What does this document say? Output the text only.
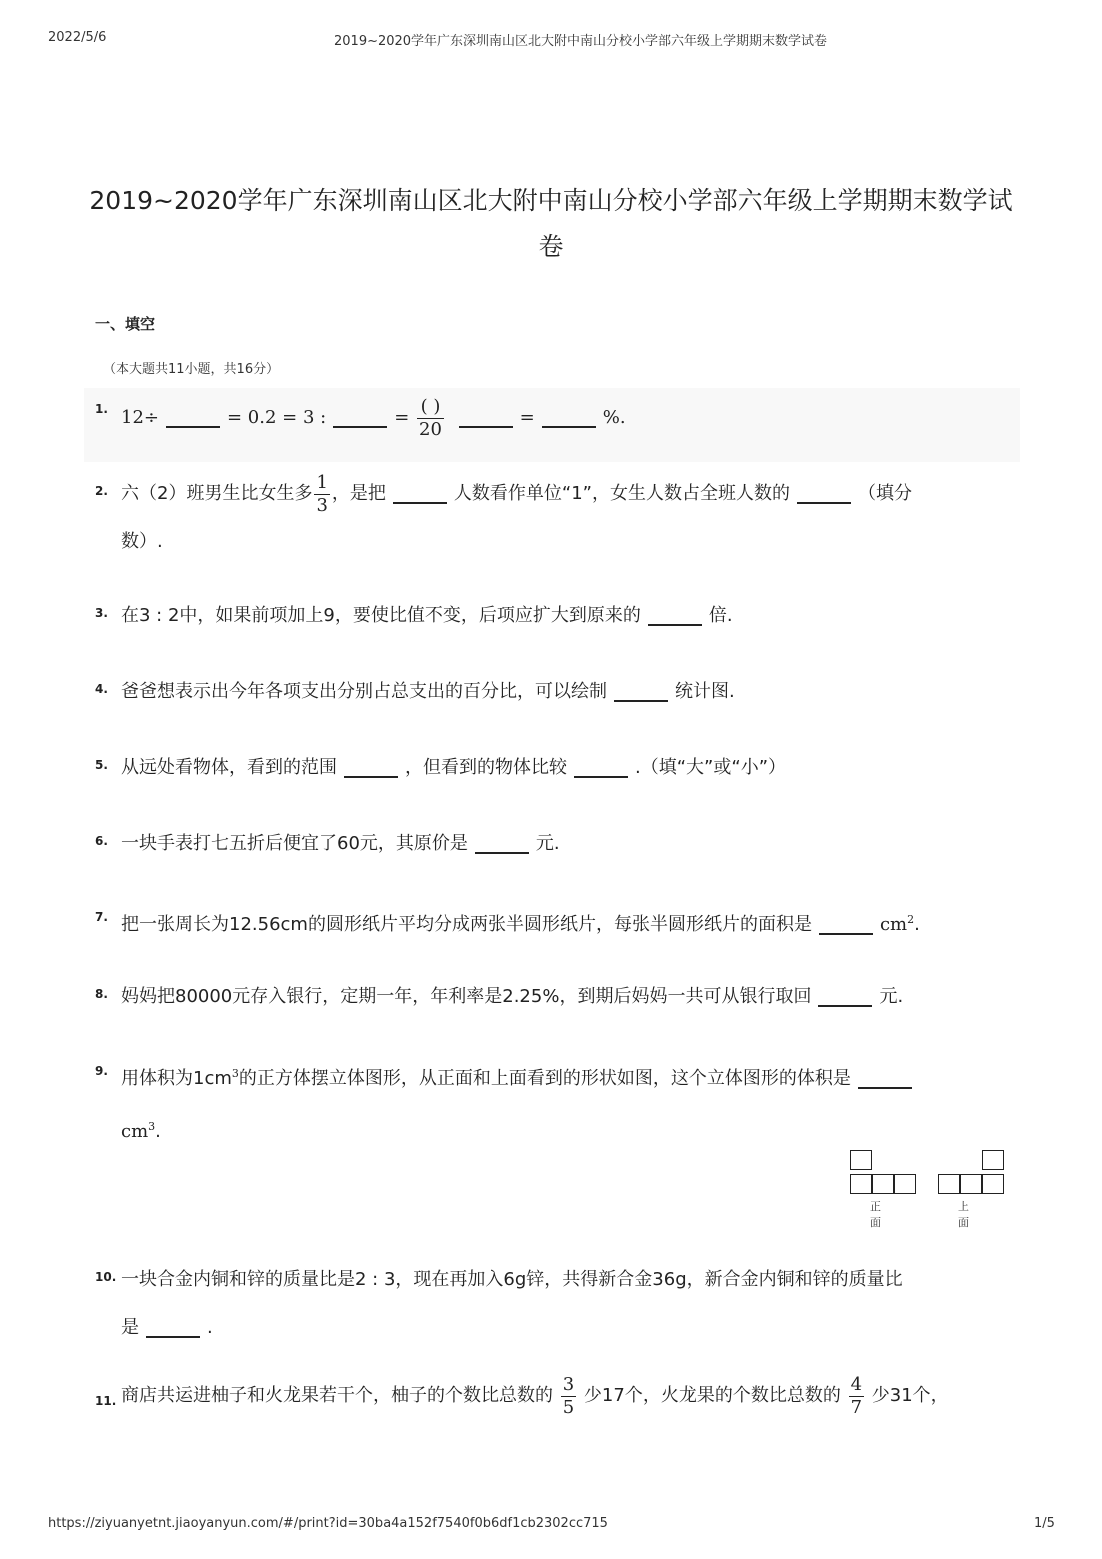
2022/5/6	2019~2020学年广东深圳南山区北大附中南山分校小学部六年级上学期期末数学试卷
2019~2020学年广东深圳南山区北大附中南山分校小学部六年级上学期期末数学试
卷
一、填空
（本大题共11小题，共16分）
1. 12÷	= 0.2 = 3 :	= $\frac{( )}{20}$	=	%.
2. 六（2）班男生比女生多 $\frac{1}{3}$ ，是把	人数看作单位“1”，女生人数占全班人数的	（填分
数）.
3. 在3 : 2中，如果前项加上9，要使比值不变，后项应扩大到原来的	倍.
4. 爸爸想表示出今年各项支出分别占总支出的百分比，可以绘制	统计图.
5. 从远处看物体，看到的范围	，但看到的物体比较	.（填“大”或“小”）
6. 一块手表打七五折后便宜了60元，其原价是	元.
7. 把一张周长为12.56cm的圆形纸片平均分成两张半圆形纸片，每张半圆形纸片的面积是	$cm^2$.
8. 妈妈把80000元存入银行，定期一年，年利率是2.25%，到期后妈妈一共可从银行取回	元.
9. 用体积为$1cm^3$的正方体摆立体图形，从正面和上面看到的形状如图，这个立体图形的体积是
$cm^3$.
正面
上面
10. 一块合金内铜和锌的质量比是2 : 3，现在再加入6g锌，共得新合金36g，新合金内铜和锌的质量比
是	.
11. 商店共运进柚子和火龙果若干个，柚子的个数比总数的 $\frac{3}{5}$ 少17个，火龙果的个数比总数的 $\frac{4}{7}$ 少31个，
https://ziyuanyetnt.jiaoyanyun.com/#/print?id=30ba4a152f7540f0b6df1cb2302cc715	1/5
